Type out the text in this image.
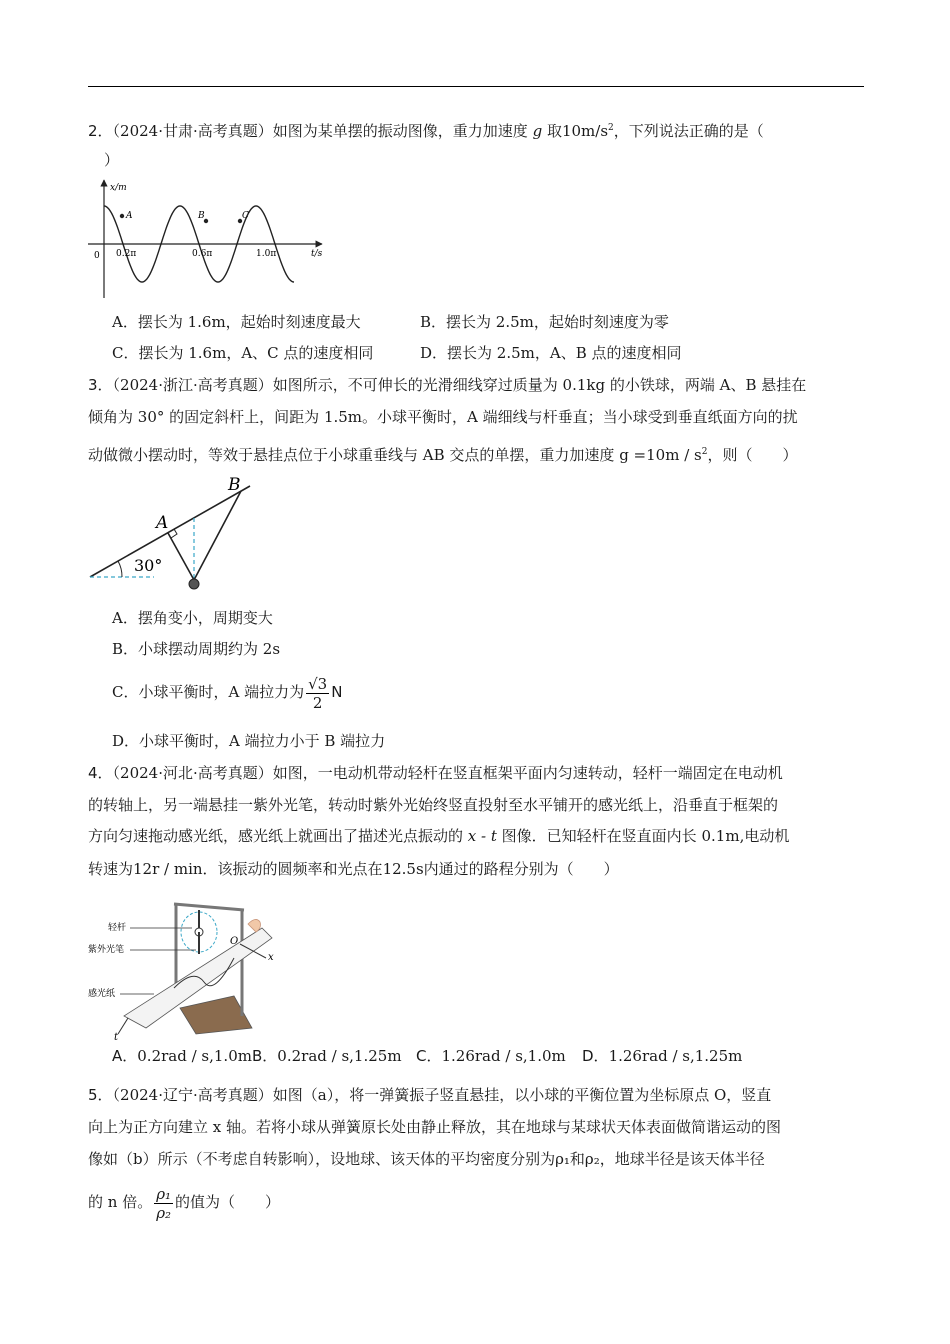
2．（2024·甘肃·高考真题）如图为某单摆的振动图像，重力加速度 g 取$10m/s^2$，下列说法正确的是（
）
x/m
t/s
0 0.2π	0.6π	1.0π
A	B	C
A．摆长为 1.6m，起始时刻速度最大	B．摆长为 2.5m，起始时刻速度为零
C．摆长为 1.6m，A、C 点的速度相同	D．摆长为 2.5m，A、B 点的速度相同
3．（2024·浙江·高考真题）如图所示，不可伸长的光滑细线穿过质量为 0.1kg 的小铁球，两端 A、B 悬挂在
倾角为 30° 的固定斜杆上，间距为 1.5m。小球平衡时，A 端细线与杆垂直；当小球受到垂直纸面方向的扰
动做微小摆动时，等效于悬挂点位于小球重垂线与 AB 交点的单摆，重力加速度 $g =10m / s^2$，则（　　）
A
B
30°
A．摆角变小，周期变大
B．小球摆动周期约为 2s
C．小球平衡时，A 端拉力为 $\frac{√3}{2}$ N
D．小球平衡时，A 端拉力小于 B 端拉力
4．（2024·河北·高考真题）如图，一电动机带动轻杆在竖直框架平面内匀速转动，轻杆一端固定在电动机
的转轴上，另一端悬挂一紫外光笔，转动时紫外光始终竖直投射至水平铺开的感光纸上，沿垂直于框架的
方向匀速拖动感光纸，感光纸上就画出了描述光点振动的 x - t 图像．已知轻杆在竖直面内长 0.1m,电动机
转速为12r / min．该振动的圆频率和光点在12.5s内通过的路程分别为（　　）
轻杆
紫外光笔
感光纸
O
x
t
A．0.2rad / s,1.0m B．0.2rad / s,1.25m C．1.26rad / s,1.0m D．1.26rad / s,1.25m
5．（2024·辽宁·高考真题）如图（a），将一弹簧振子竖直悬挂，以小球的平衡位置为坐标原点 O，竖直
向上为正方向建立 x 轴。若将小球从弹簧原长处由静止释放，其在地球与某球状天体表面做简谐运动的图
像如（b）所示（不考虑自转影响），设地球、该天体的平均密度分别为ρ₁和ρ₂，地球半径是该天体半径
的 n 倍。 $\frac{\text{ρ₁}}{\text{ρ₂}}$ 的值为（　　）
